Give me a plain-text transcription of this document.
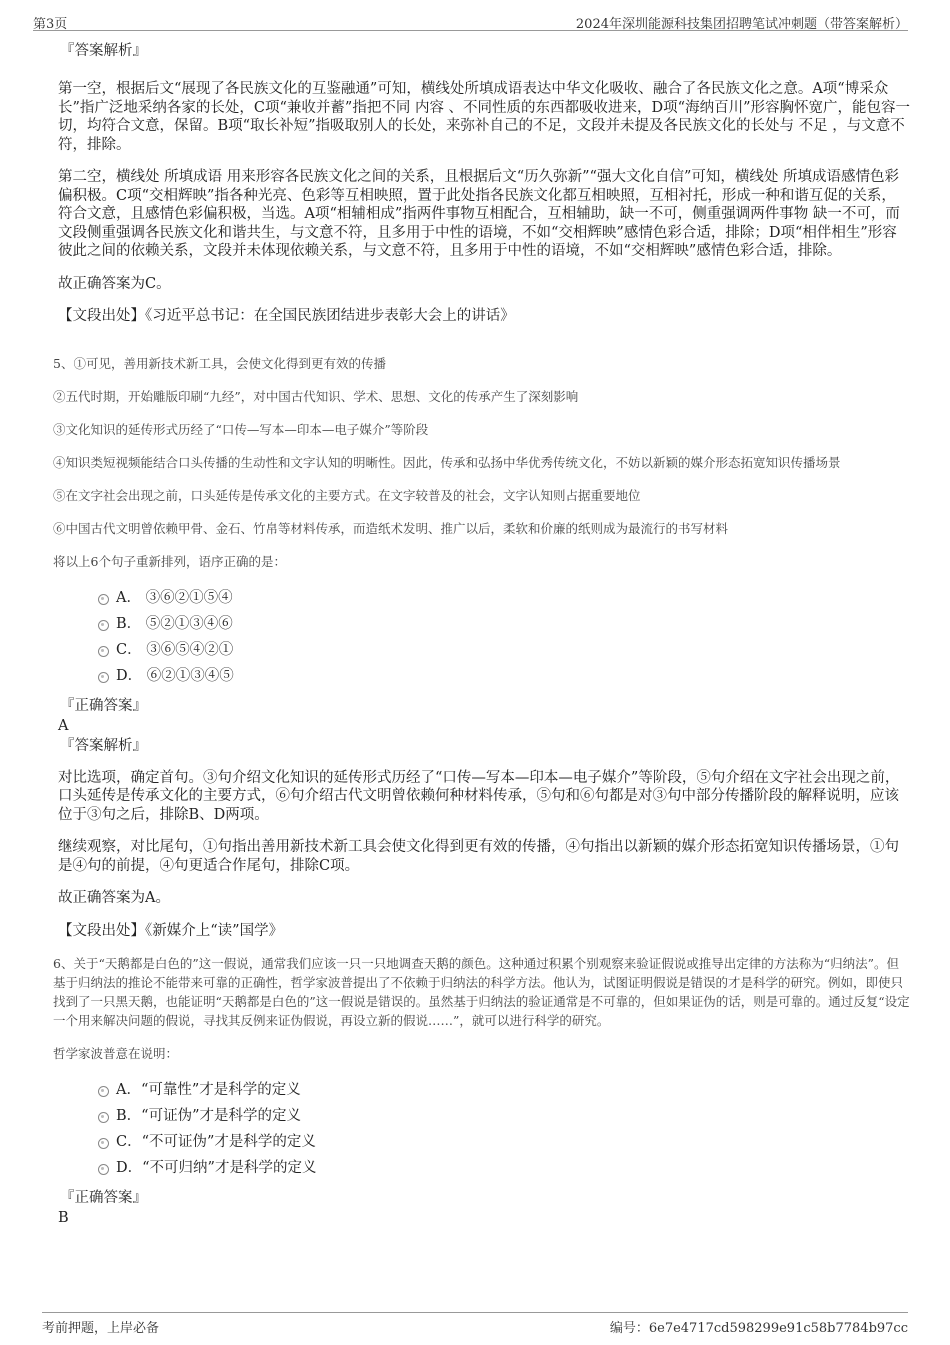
第3页	2024年深圳能源科技集团招聘笔试冲刺题（带答案解析）
『答案解析』

第一空，根据后文“展现了各民族文化的互鉴融通”可知，横线处所填成语表达中华文化吸收、融合了各民族文化之意。A项“博采众长”指广泛地采纳各家的长处，C项“兼收并蓄”指把不同 内容 、不同性质的东西都吸收进来，D项“海纳百川”形容胸怀宽广，能包容一切，均符合文意，保留。B项“取长补短”指吸取别人的长处，来弥补自己的不足，文段并未提及各民族文化的长处与 不足 ，与文意不符，排除。

第二空，横线处 所填成语 用来形容各民族文化之间的关系，且根据后文“历久弥新”“强大文化自信”可知，横线处 所填成语感情色彩偏积极。C项“交相辉映”指各种光亮、色彩等互相映照，置于此处指各民族文化都互相映照，互相衬托，形成一种和谐互促的关系，符合文意，且感情色彩偏积极，当选。A项“相辅相成”指两件事物互相配合，互相辅助，缺一不可，侧重强调两件事物 缺一不可，而文段侧重强调各民族文化和谐共生，与文意不符，且多用于中性的语境，不如“交相辉映”感情色彩合适，排除；D项“相伴相生”形容彼此之间的依赖关系，文段并未体现依赖关系，与文意不符，且多用于中性的语境，不如“交相辉映”感情色彩合适，排除。

故正确答案为C。

【文段出处】《习近平总书记：在全国民族团结进步表彰大会上的讲话》

5、①可见，善用新技术新工具，会使文化得到更有效的传播

②五代时期，开始雕版印刷“九经”，对中国古代知识、学术、思想、文化的传承产生了深刻影响

③文化知识的延传形式历经了“口传—写本—印本—电子媒介”等阶段

④知识类短视频能结合口头传播的生动性和文字认知的明晰性。因此，传承和弘扬中华优秀传统文化，不妨以新颖的媒介形态拓宽知识传播场景

⑤在文字社会出现之前，口头延传是传承文化的主要方式。在文字较普及的社会，文字认知则占据重要地位

⑥中国古代文明曾依赖甲骨、金石、竹帛等材料传承，而造纸术发明、推广以后，柔软和价廉的纸则成为最流行的书写材料

将以上6个句子重新排列，语序正确的是：

A． ③⑥②①⑤④
B． ⑤②①③④⑥
C． ③⑥⑤④②①
D． ⑥②①③④⑤
『正确答案』
A
『答案解析』

对比选项，确定首句。③句介绍文化知识的延传形式历经了“口传—写本—印本—电子媒介”等阶段，⑤句介绍在文字社会出现之前，口头延传是传承文化的主要方式，⑥句介绍古代文明曾依赖何种材料传承，⑤句和⑥句都是对③句中部分传播阶段的解释说明，应该位于③句之后，排除B、D两项。

继续观察，对比尾句，①句指出善用新技术新工具会使文化得到更有效的传播，④句指出以新颖的媒介形态拓宽知识传播场景，①句是④句的前提，④句更适合作尾句，排除C项。

故正确答案为A。

【文段出处】《新媒介上“读”国学》

6、关于“天鹅都是白色的”这一假说，通常我们应该一只一只地调查天鹅的颜色。这种通过积累个别观察来验证假说或推导出定律的方法称为“归纳法”。但基于归纳法的推论不能带来可靠的正确性，哲学家波普提出了不依赖于归纳法的科学方法。他认为，试图证明假说是错误的才是科学的研究。例如，即使只找到了一只黑天鹅，也能证明“天鹅都是白色的”这一假说是错误的。虽然基于归纳法的验证通常是不可靠的，但如果证伪的话，则是可靠的。通过反复“设定一个用来解决问题的假说，寻找其反例来证伪假说，再设立新的假说……”，就可以进行科学的研究。

哲学家波普意在说明：

A．“可靠性”才是科学的定义
B．“可证伪”才是科学的定义
C．“不可证伪”才是科学的定义
D．“不可归纳”才是科学的定义
『正确答案』
B
考前押题，上岸必备	编号：6e7e4717cd598299e91c58b7784b97cc
